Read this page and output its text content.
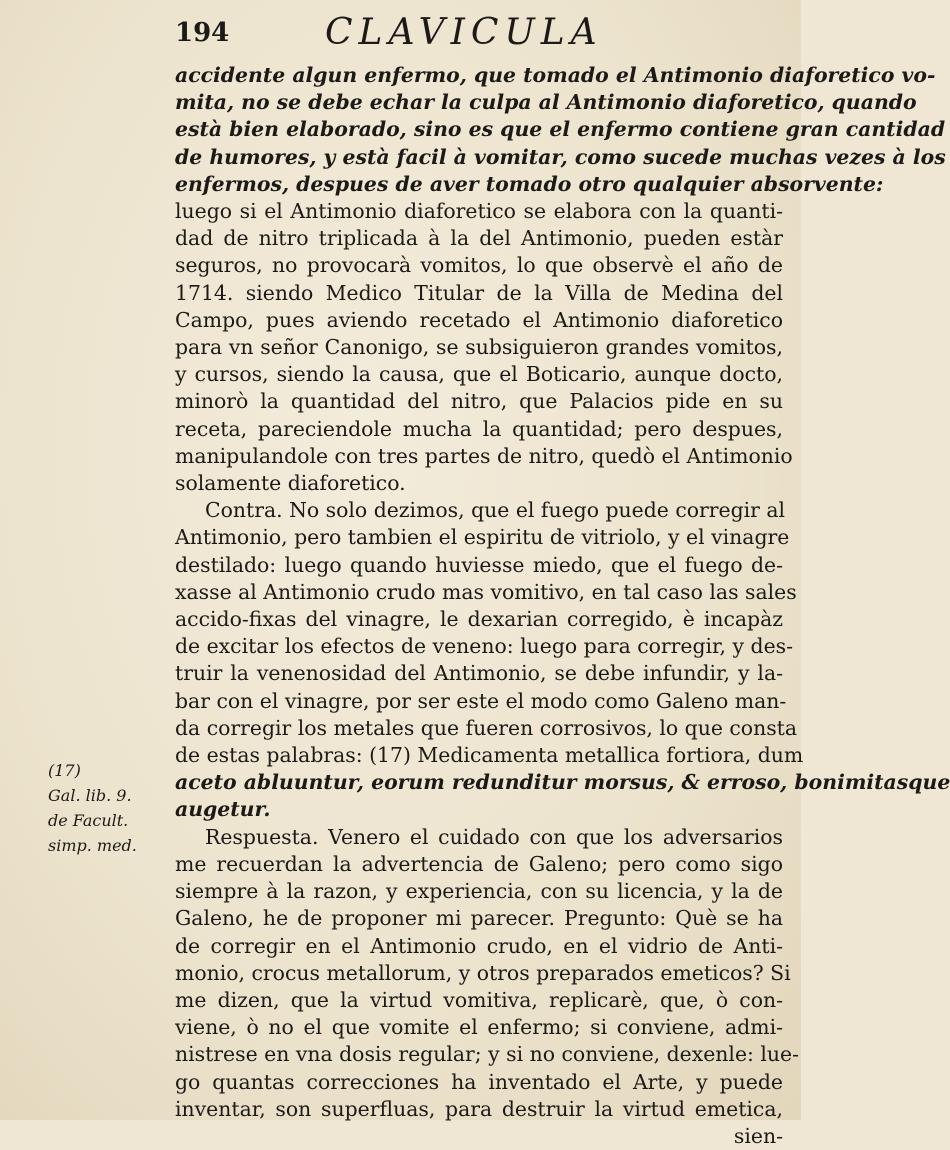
194	CLAVICULA
accidente algun enfermo, que tomado el Antimonio diaforetico vo-
mita, no se debe echar la culpa al Antimonio diaforetico, quando
està bien elaborado, sino es que el enfermo contiene gran cantidad
de humores, y està facil à vomitar, como sucede muchas vezes à los
enfermos, despues de aver tomado otro qualquier absorvente:
luego si el Antimonio diaforetico se elabora con la quanti-
dad de nitro triplicada à la del Antimonio, pueden estàr
seguros, no provocarà vomitos, lo que observè el año de
1714. siendo Medico Titular de la Villa de Medina del
Campo, pues aviendo recetado el Antimonio diaforetico
para vn señor Canonigo, se subsiguieron grandes vomitos,
y cursos, siendo la causa, que el Boticario, aunque docto,
minorò la quantidad del nitro, que Palacios pide en su
receta, pareciendole mucha la quantidad; pero despues,
manipulandole con tres partes de nitro, quedò el Antimonio
solamente diaforetico.
Contra. No solo dezimos, que el fuego puede corregir al
Antimonio, pero tambien el espiritu de vitriolo, y el vinagre
destilado: luego quando huviesse miedo, que el fuego de-
xasse al Antimonio crudo mas vomitivo, en tal caso las sales
accido-fixas del vinagre, le dexarian corregido, è incapàz
de excitar los efectos de veneno: luego para corregir, y des-
truir la venenosidad del Antimonio, se debe infundir, y la-
bar con el vinagre, por ser este el modo como Galeno man-
da corregir los metales que fueren corrosivos, lo que consta
de estas palabras: (17) Medicamenta metallica fortiora, dum
aceto abluuntur, eorum redunditur morsus, & erroso, bonimitasque
augetur.
Respuesta. Venero el cuidado con que los adversarios
me recuerdan la advertencia de Galeno; pero como sigo
siempre à la razon, y experiencia, con su licencia, y la de
Galeno, he de proponer mi parecer. Pregunto: Què se ha
de corregir en el Antimonio crudo, en el vidrio de Anti-
monio, crocus metallorum, y otros preparados emeticos? Si
me dizen, que la virtud vomitiva, replicarè, que, ò con-
viene, ò no el que vomite el enfermo; si conviene, admi-
nistrese en vna dosis regular; y si no conviene, dexenle: lue-
go quantas correcciones ha inventado el Arte, y puede
inventar, son superfluas, para destruir la virtud emetica,
sien-
(17)
Gal. lib. 9.
de Facult.
simp. med.
